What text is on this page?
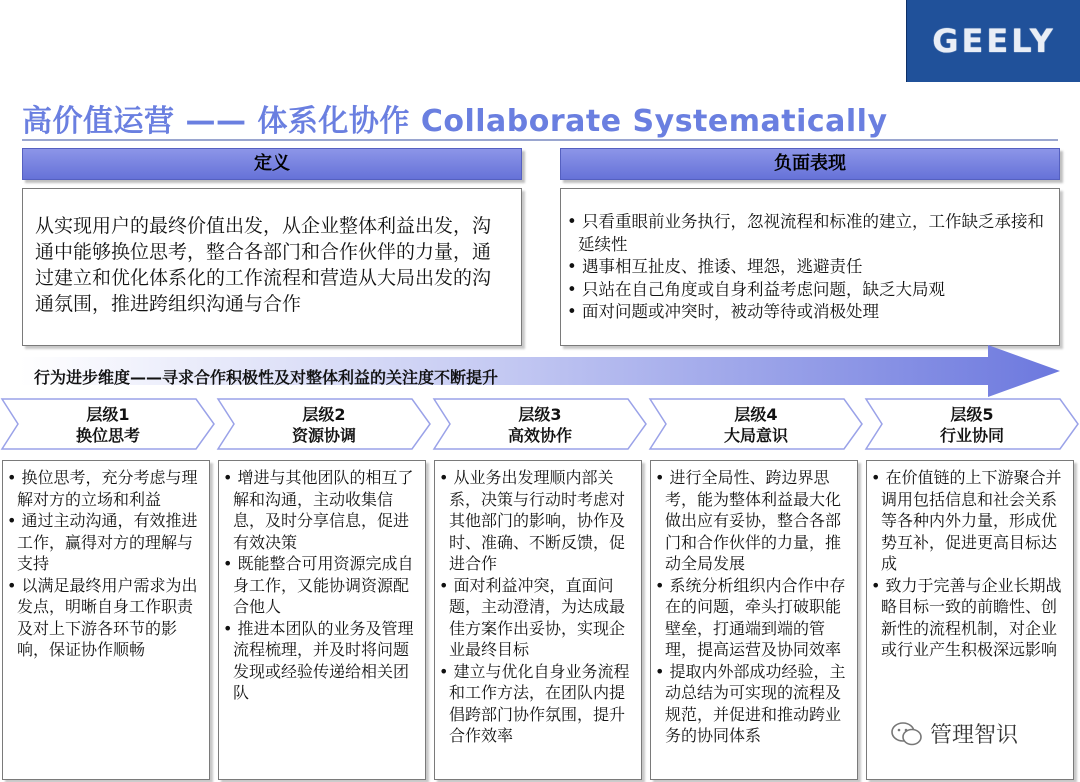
GEELY
高价值运营 —— 体系化协作 Collaborate Systematically
定义
从实现用户的最终价值出发，从企业整体利益出发，沟通中能够换位思考，整合各部门和合作伙伴的力量，通过建立和优化体系化的工作流程和营造从大局出发的沟通氛围，推进跨组织沟通与合作
负面表现
• 只看重眼前业务执行，忽视流程和标准的建立，工作缺乏承接和延续性
• 遇事相互扯皮、推诿、埋怨，逃避责任
• 只站在自己角度或自身利益考虑问题，缺乏大局观
• 面对问题或冲突时，被动等待或消极处理
行为进步维度——寻求合作积极性及对整体利益的关注度不断提升
层级1
换位思考
层级2
资源协调
层级3
高效协作
层级4
大局意识
层级5
行业协同
• 换位思考，充分考虑与理解对方的立场和利益
• 通过主动沟通，有效推进工作，赢得对方的理解与支持
• 以满足最终用户需求为出发点，明晰自身工作职责及对上下游各环节的影响，保证协作顺畅
• 增进与其他团队的相互了解和沟通，主动收集信息，及时分享信息，促进有效决策
• 既能整合可用资源完成自身工作，又能协调资源配合他人
• 推进本团队的业务及管理流程梳理，并及时将问题发现或经验传递给相关团队
• 从业务出发理顺内部关系，决策与行动时考虑对其他部门的影响，协作及时、准确、不断反馈，促进合作
• 面对利益冲突，直面问题，主动澄清，为达成最佳方案作出妥协，实现企业最终目标
• 建立与优化自身业务流程和工作方法，在团队内提倡跨部门协作氛围，提升合作效率
• 进行全局性、跨边界思考，能为整体利益最大化做出应有妥协，整合各部门和合作伙伴的力量，推动全局发展
• 系统分析组织内合作中存在的问题，牵头打破职能壁垒，打通端到端的管理，提高运营及协同效率
• 提取内外部成功经验，主动总结为可实现的流程及规范，并促进和推动跨业务的协同体系
• 在价值链的上下游聚合并调用包括信息和社会关系等各种内外力量，形成优势互补，促进更高目标达成
• 致力于完善与企业长期战略目标一致的前瞻性、创新性的流程机制，对企业或行业产生积极深远影响
管理智识
